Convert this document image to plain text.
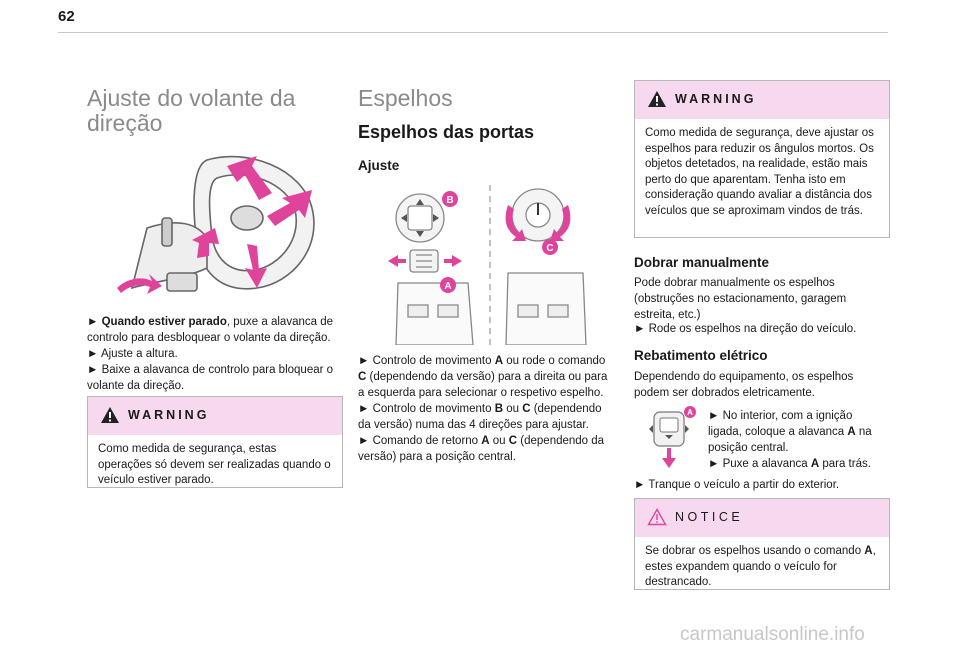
62
Ajuste do volante da
direção
► Quando estiver parado, puxe a alavanca de controlo para desbloquear o volante da direção.
► Ajuste a altura.
► Baixe a alavanca de controlo para bloquear o volante da direção.
WARNING
Como medida de segurança, estas operações só devem ser realizadas quando o veículo estiver parado.
Espelhos
Espelhos das portas
Ajuste
B
A
C
► Controlo de movimento A ou rode o comando C (dependendo da versão) para a direita ou para a esquerda para selecionar o respetivo espelho.
► Controlo de movimento B ou C (dependendo da versão) numa das 4 direções para ajustar.
► Comando de retorno A ou C (dependendo da versão) para a posição central.
WARNING
Como medida de segurança, deve ajustar os espelhos para reduzir os ângulos mortos. Os objetos detetados, na realidade, estão mais perto do que aparentam. Tenha isto em consideração quando avaliar a distância dos veículos que se aproximam vindos de trás.
Dobrar manualmente
Pode dobrar manualmente os espelhos (obstruções no estacionamento, garagem estreita, etc.)
► Rode os espelhos na direção do veículo.
Rebatimento elétrico
Dependendo do equipamento, os espelhos podem ser dobrados eletricamente.
A ► No interior, com a ignição ligada, coloque a alavanca A na posição central.
► Puxe a alavanca A para trás.
► Tranque o veículo a partir do exterior.
NOTICE
Se dobrar os espelhos usando o comando A, estes expandem quando o veículo for destrancado.
carmanualsonline.info
